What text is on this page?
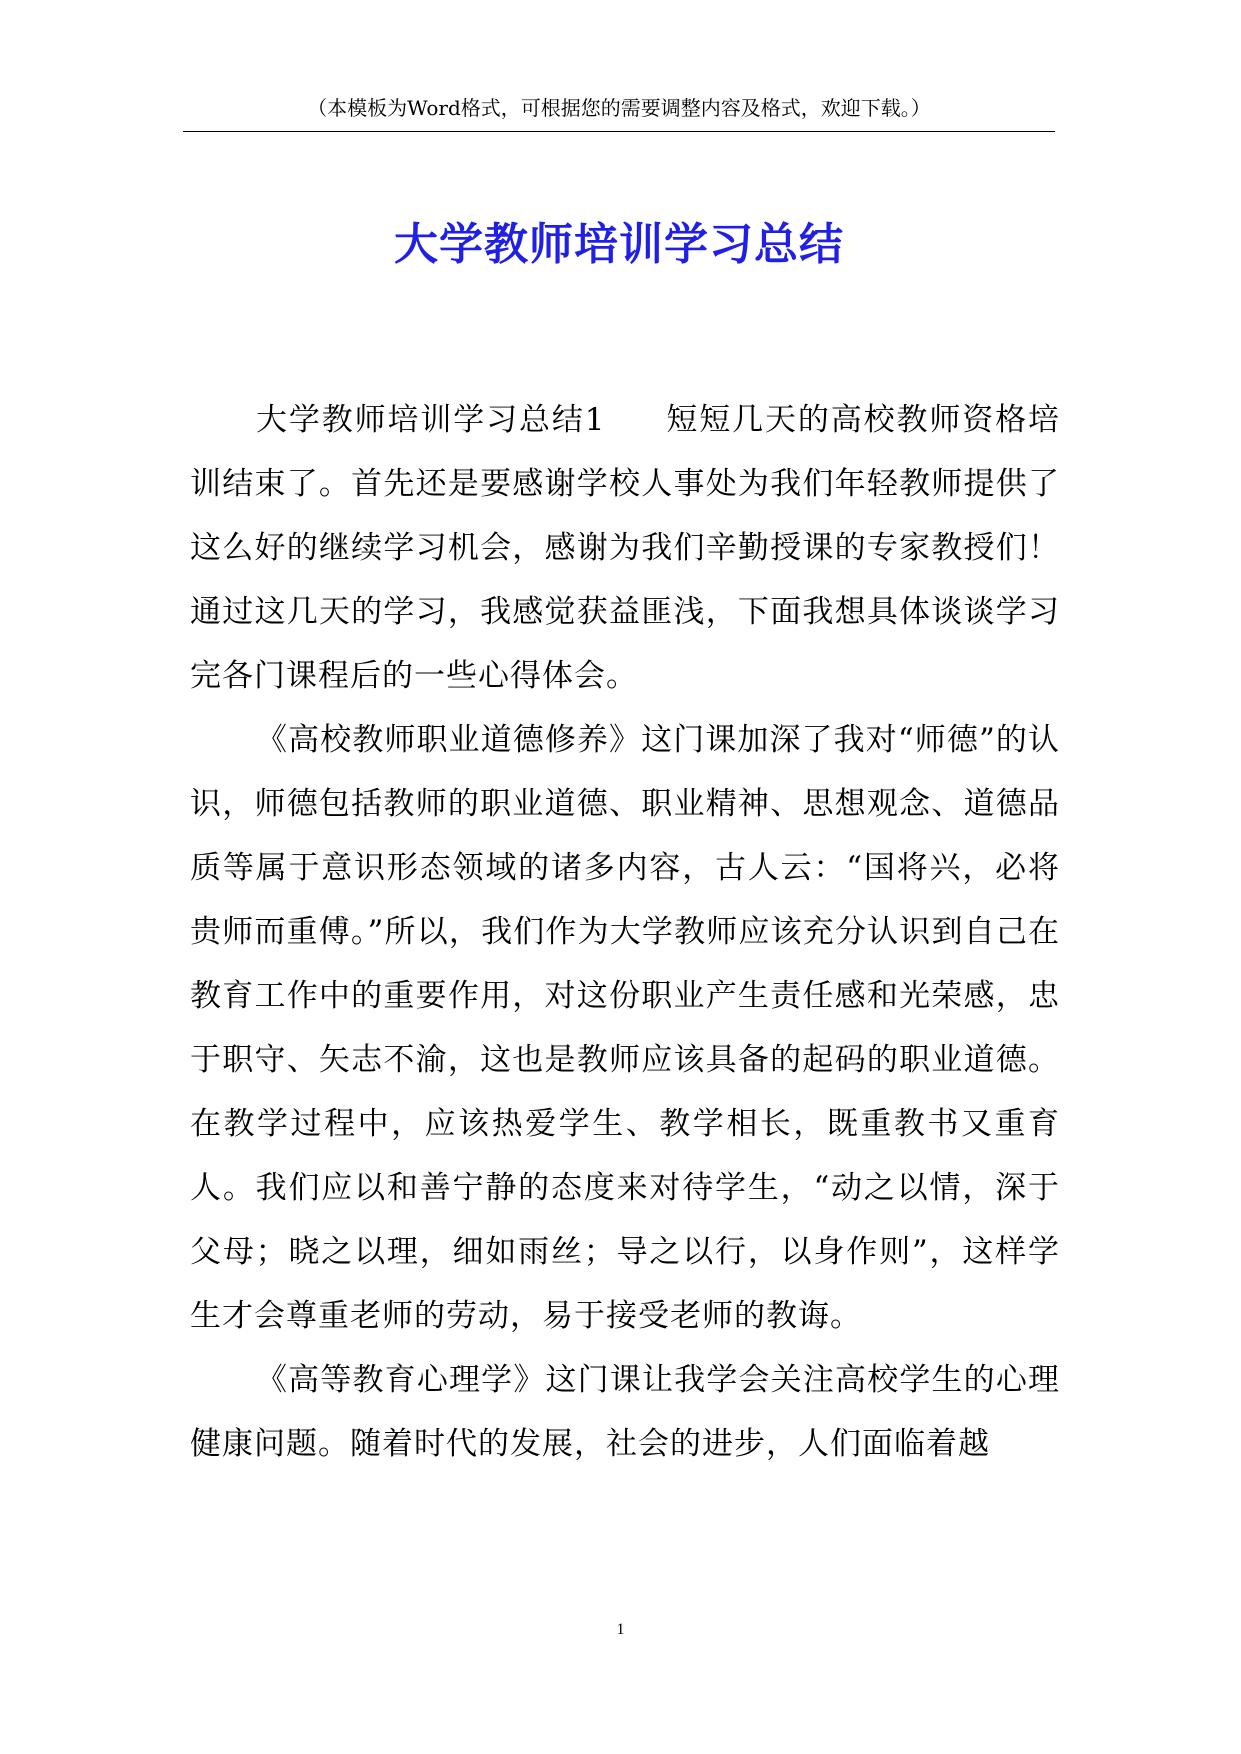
（本模板为Word格式，可根据您的需要调整内容及格式，欢迎下载。）
大学教师培训学习总结

大学教师培训学习总结1 短短几天的高校教师资格培训结束了。首先还是要感谢学校人事处为我们年轻教师提供了这么好的继续学习机会，感谢为我们辛勤授课的专家教授们！通过这几天的学习，我感觉获益匪浅，下面我想具体谈谈学习完各门课程后的一些心得体会。

《高校教师职业道德修养》这门课加深了我对“师德”的认识，师德包括教师的职业道德、职业精神、思想观念、道德品质等属于意识形态领域的诸多内容，古人云：“国将兴，必将贵师而重傅。”所以，我们作为大学教师应该充分认识到自己在教育工作中的重要作用，对这份职业产生责任感和光荣感，忠于职守、矢志不渝，这也是教师应该具备的起码的职业道德。在教学过程中，应该热爱学生、教学相长，既重教书又重育人。我们应以和善宁静的态度来对待学生，“动之以情，深于父母；晓之以理，细如雨丝；导之以行，以身作则”，这样学生才会尊重老师的劳动，易于接受老师的教诲。

《高等教育心理学》这门课让我学会关注高校学生的心理健康问题。随着时代的发展，社会的进步，人们面临着越

1
